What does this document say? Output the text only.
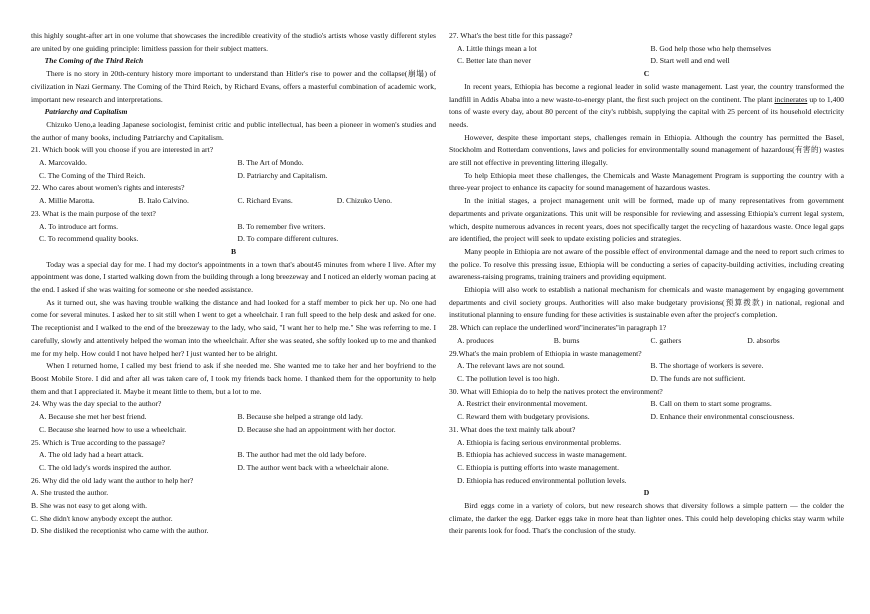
this highly sought-after art in one volume that showcases the incredible creativity of the studio's artists whose vastly different styles are united by one guiding principle: limitless passion for their subject matters.

The Coming of the Third Reich

There is no story in 20th-century history more important to understand than Hitler's rise to power and the collapse(崩塌) of civilization in Nazi Germany. The Coming of the Third Reich, by Richard Evans, offers a masterful combination of academic work, important new research and interpretations.

Patriarchy and Capitalism

Chizuko Ueno,a leading Japanese sociologist, feminist critic and public intellectual, has been a pioneer in women's studies and the author of many books, including Patriarchy and Capitalism.

21. Which book will you choose if you are interested in art?

A. Marcovaldo.	B. The Art of Mondo.
C. The Coming of the Third Reich.	D. Patriarchy and Capitalism.

22. Who cares about women's rights and interests?

A. Millie Marotta.	B. Italo Calvino.	C. Richard Evans.	D. Chizuko Ueno.

23. What is the main purpose of the text?

A. To introduce art forms.	B. To remember five writers.
C. To recommend quality books.	D. To compare different cultures.

B

Today was a special day for me. I had my doctor's appointments in a town that's about45 minutes from where I live. After my appointment was done, I started walking down from the building through a long breezeway and I noticed an elderly woman pacing at the end. I asked if she was waiting for someone or she needed assistance.

As it turned out, she was having trouble walking the distance and had looked for a staff member to pick her up. No one had come for several minutes. I asked her to sit still when I went to get a wheelchair. I ran full speed to the help desk and asked for one. The receptionist and I walked to the end of the breezeway to the lady, who said, "I want her to help me." She was referring to me. I carefully, slowly and attentively helped the woman into the wheelchair. After she was seated, she softly looked up to me and thanked me for my help. How could I not have helped her? I just wanted her to be alright.

When I returned home, I called my best friend to ask if she needed me. She wanted me to take her and her boyfriend to the Boost Mobile Store. I did and after all was taken care of, I took my friends back home. I thanked them for the opportunity to help them and that I appreciated it. Maybe it meant little to them, but a lot to me.

24. Why was the day special to the author?

A. Because she met her best friend.	B. Because she helped a strange old lady.
C. Because she learned how to use a wheelchair.	D. Because she had an appointment with her doctor.

25. Which is True according to the passage?

A. The old lady had a heart attack.	B. The author had met the old lady before.
C. The old lady's words inspired the author.	D. The author went back with a wheelchair alone.

26. Why did the old lady want the author to help her?

A. She trusted the author.
B. She was not easy to get along with.
C. She didn't know anybody except the author.
D. She disliked the receptionist who came with the author.

27. What's the best title for this passage?

A. Little things mean a lot	B. God help those who help themselves
C. Better late than never	D. Start well and end well

C

In recent years, Ethiopia has become a regional leader in solid waste management. Last year, the country transformed the landfill in Addis Ababa into a new waste-to-energy plant, the first such project on the continent. The plant incinerates up to 1,400 tons of waste every day, about 80 percent of the city's rubbish, supplying the capital with 25 percent of its household electricity needs.

However, despite these important steps, challenges remain in Ethiopia. Although the country has permitted the Basel, Stockholm and Rotterdam conventions, laws and policies for environmentally sound management of hazardous(有害的) wastes are still not effective in preventing littering illegally.

To help Ethiopia meet these challenges, the Chemicals and Waste Management Program is supporting the country with a three-year project to enhance its capacity for sound management of hazardous wastes.

In the initial stages, a project management unit will be formed, made up of many representatives from government departments and private organizations. This unit will be responsible for reviewing and assessing Ethiopia's current legal system, which, despite numerous advances in recent years, does not specifically target the recycling of hazardous waste. Once legal gaps are identified, the project will seek to update existing policies and strategies.

Many people in Ethiopia are not aware of the possible effect of environmental damage and the need to report such crimes to the police. To resolve this pressing issue, Ethiopia will be conducting a series of capacity-building activities, including creating awareness-raising programs, training trainers and providing equipment.

Ethiopia will also work to establish a national mechanism for chemicals and waste management by engaging government departments and civil society groups. Authorities will also make budgetary provisions(预算拨款) in national, regional and institutional planning to ensure funding for these activities is sustainable even after the project's completion.

28. Which can replace the underlined word"incinerates"in paragraph 1?

A. produces	B. burns	C. gathers	D. absorbs

29.What's the main problem of Ethiopia in waste management?

A. The relevant laws are not sound.	B. The shortage of workers is severe.
C. The pollution level is too high.	D. The funds are not sufficient.

30. What will Ethiopia do to help the natives protect the environment?

A. Restrict their environmental movement.	B. Call on them to start some programs.
C. Reward them with budgetary provisions.	D. Enhance their environmental consciousness.

31. What does the text mainly talk about?

A. Ethiopia is facing serious environmental problems.
B. Ethiopia has achieved success in waste management.
C. Ethiopia is putting efforts into waste management.
D. Ethiopia has reduced environmental pollution levels.

D

Bird eggs come in a variety of colors, but new research shows that diversity follows a simple pattern — the colder the climate, the darker the egg. Darker eggs take in more heat than lighter ones. This could help developing chicks stay warm while their parents look for food. That's the conclusion of the study.
